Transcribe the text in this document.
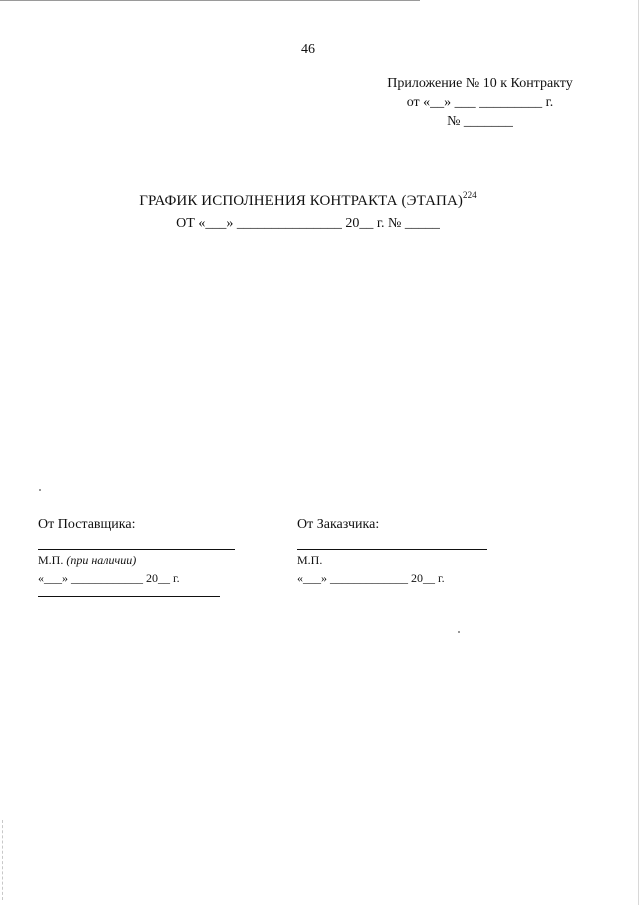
46
Приложение № 10 к Контракту
от «__» ___ _________ г.
№ _______
ГРАФИК ИСПОЛНЕНИЯ КОНТРАКТА (ЭТАПА)$^{224}$
ОТ «___» _______________ 20__ г. № _____
От Поставщика:
М.П. (при наличии)
«___» ____________ 20__ г.
От Заказчика:
М.П.
«___» _____________ 20__ г.
